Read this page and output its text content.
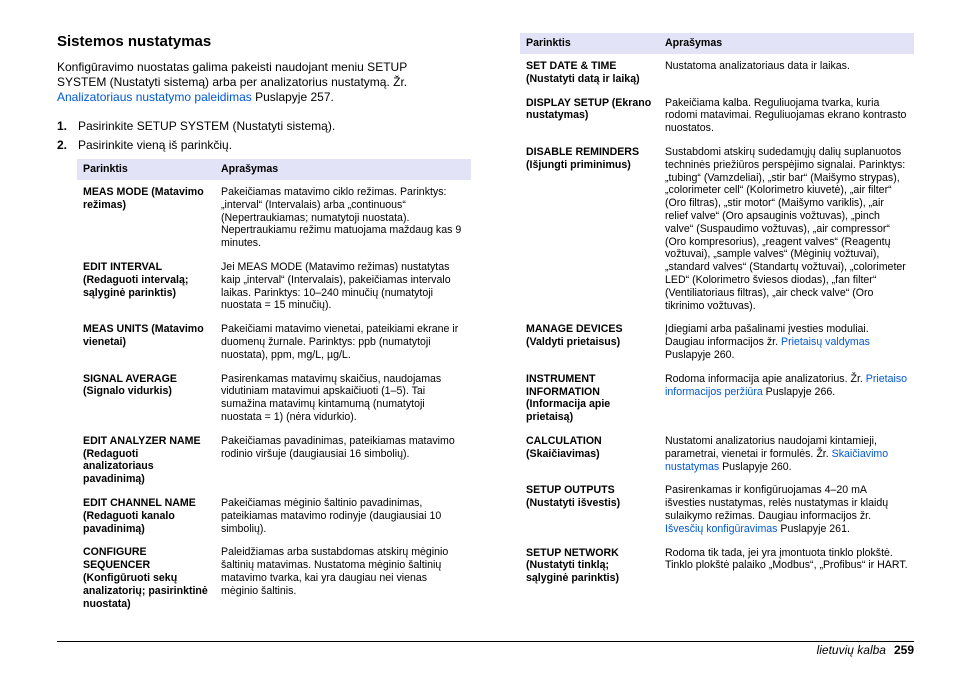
Sistemos nustatymas

Konfigūravimo nuostatas galima pakeisti naudojant meniu SETUP SYSTEM (Nustatyti sistemą) arba per analizatorius nustatymą. Žr. Analizatoriaus nustatymo paleidimas Puslapyje 257.

1. Pasirinkite SETUP SYSTEM (Nustatyti sistemą).
2. Pasirinkite vieną iš parinkčių.
Parinktis	Aprašymas
MEAS MODE (Matavimo režimas)	Pakeičiamas matavimo ciklo režimas. Parinktys: „interval“ (Intervalais) arba „continuous“ (Nepertraukiamas; numatytoji nuostata). Nepertraukiamu režimu matuojama maždaug kas 9 minutes.
EDIT INTERVAL (Redaguoti intervalą; sąlyginė parinktis)	Jei MEAS MODE (Matavimo režimas) nustatytas kaip „interval“ (Intervalais), pakeičiamas intervalo laikas. Parinktys: 10–240 minučių (numatytoji nuostata = 15 minučių).
MEAS UNITS (Matavimo vienetai)	Pakeičiami matavimo vienetai, pateikiami ekrane ir duomenų žurnale. Parinktys: ppb (numatytoji nuostata), ppm, mg/L, µg/L.
SIGNAL AVERAGE (Signalo vidurkis)	Pasirenkamas matavimų skaičius, naudojamas vidutiniam matavimui apskaičiuoti (1–5). Tai sumažina matavimų kintamumą (numatytoji nuostata = 1) (nėra vidurkio).
EDIT ANALYZER NAME (Redaguoti analizatoriaus pavadinimą)	Pakeičiamas pavadinimas, pateikiamas matavimo rodinio viršuje (daugiausiai 16 simbolių).
EDIT CHANNEL NAME (Redaguoti kanalo pavadinimą)	Pakeičiamas mėginio šaltinio pavadinimas, pateikiamas matavimo rodinyje (daugiausiai 10 simbolių).
CONFIGURE SEQUENCER (Konfigūruoti sekų analizatorių; pasirinktinė nuostata)	Paleidžiamas arba sustabdomas atskirų mėginio šaltinių matavimas. Nustatoma mėginio šaltinių matavimo tvarka, kai yra daugiau nei vienas mėginio šaltinis.
Parinktis	Aprašymas
SET DATE & TIME (Nustatyti datą ir laiką)	Nustatoma analizatoriaus data ir laikas.
DISPLAY SETUP (Ekrano nustatymas)	Pakeičiama kalba. Reguliuojama tvarka, kuria rodomi matavimai. Reguliuojamas ekrano kontrasto nuostatos.
DISABLE REMINDERS (Išjungti priminimus)	Sustabdomi atskirų sudedamųjų dalių suplanuotos techninės priežiūros perspėjimo signalai. Parinktys: „tubing“ (Vamzdeliai), „stir bar“ (Maišymo strypas), „colorimeter cell“ (Kolorimetro kiuvetė), „air filter“ (Oro filtras), „stir motor“ (Maišymo variklis), „air relief valve“ (Oro apsauginis vožtuvas), „pinch valve“ (Suspaudimo vožtuvas), „air compressor“ (Oro kompresorius), „reagent valves“ (Reagentų vožtuvai), „sample valves“ (Mėginių vožtuvai), „standard valves“ (Standartų vožtuvai), „colorimeter LED“ (Kolorimetro šviesos diodas), „fan filter“ (Ventiliatoriaus filtras), „air check valve“ (Oro tikrinimo vožtuvas).
MANAGE DEVICES (Valdyti prietaisus)	Įdiegiami arba pašalinami įvesties moduliai. Daugiau informacijos žr. Prietaisų valdymas Puslapyje 260.
INSTRUMENT INFORMATION (Informacija apie prietaisą)	Rodoma informacija apie analizatorius. Žr. Prietaiso informacijos peržiūra Puslapyje 266.
CALCULATION (Skaičiavimas)	Nustatomi analizatorius naudojami kintamieji, parametrai, vienetai ir formulės. Žr. Skaičiavimo nustatymas Puslapyje 260.
SETUP OUTPUTS (Nustatyti išvestis)	Pasirenkamas ir konfigūruojamas 4–20 mA išvesties nustatymas, relės nustatymas ir klaidų sulaikymo režimas. Daugiau informacijos žr. Išvesčių konfigūravimas Puslapyje 261.
SETUP NETWORK (Nustatyti tinklą; sąlyginė parinktis)	Rodoma tik tada, jei yra įmontuota tinklo plokštė. Tinklo plokštė palaiko „Modbus“, „Profibus“ ir HART.
lietuvių kalba 259
